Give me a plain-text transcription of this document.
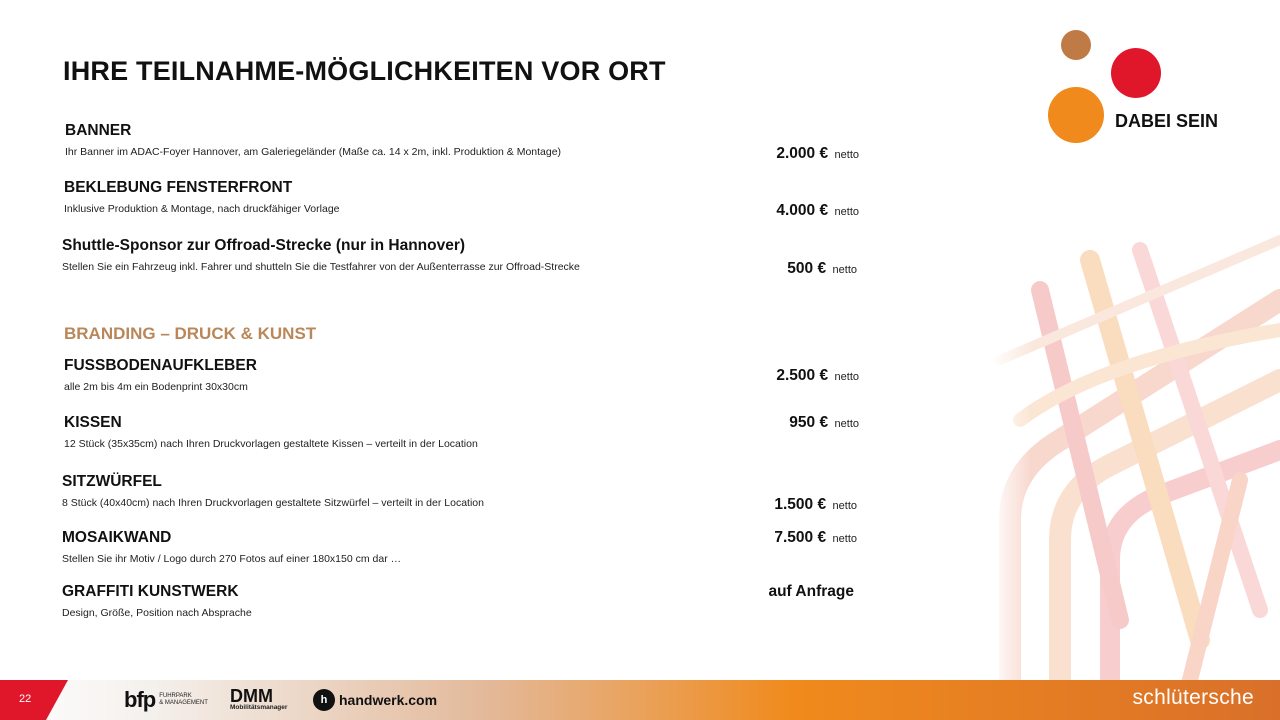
IHRE TEILNAHME-MÖGLICHKEITEN VOR ORT
DABEI SEIN
BANNER
Ihr Banner im ADAC-Foyer Hannover, am Galeriegeländer (Maße ca. 14 x 2m, inkl. Produktion & Montage)	2.000 € netto
BEKLEBUNG FENSTERFRONT
Inklusive Produktion & Montage, nach druckfähiger Vorlage	4.000 € netto
Shuttle-Sponsor zur Offroad-Strecke (nur in Hannover)
Stellen Sie ein Fahrzeug inkl. Fahrer und shutteln Sie die Testfahrer von der Außenterrasse zur Offroad-Strecke	500 € netto
BRANDING – DRUCK & KUNST
FUSSBODENAUFKLEBER
alle 2m bis 4m ein Bodenprint 30x30cm
2.500 € netto
KISSEN
12 Stück (35x35cm) nach Ihren Druckvorlagen gestaltete Kissen – verteilt in der Location
950 € netto
SITZWÜRFEL
8 Stück (40x40cm) nach Ihren Druckvorlagen gestaltete Sitzwürfel – verteilt in der Location	1.500 € netto
MOSAIKWAND
Stellen Sie ihr Motiv / Logo durch 270 Fotos auf einer 180x150 cm dar …
7.500 € netto
GRAFFITI KUNSTWERK
Design, Größe, Position nach Absprache
auf Anfrage
22	bfp FUHRPARK
& MANAGEMENT DMM
Mobilitätsmanager
h handwerk.com	schlütersche
